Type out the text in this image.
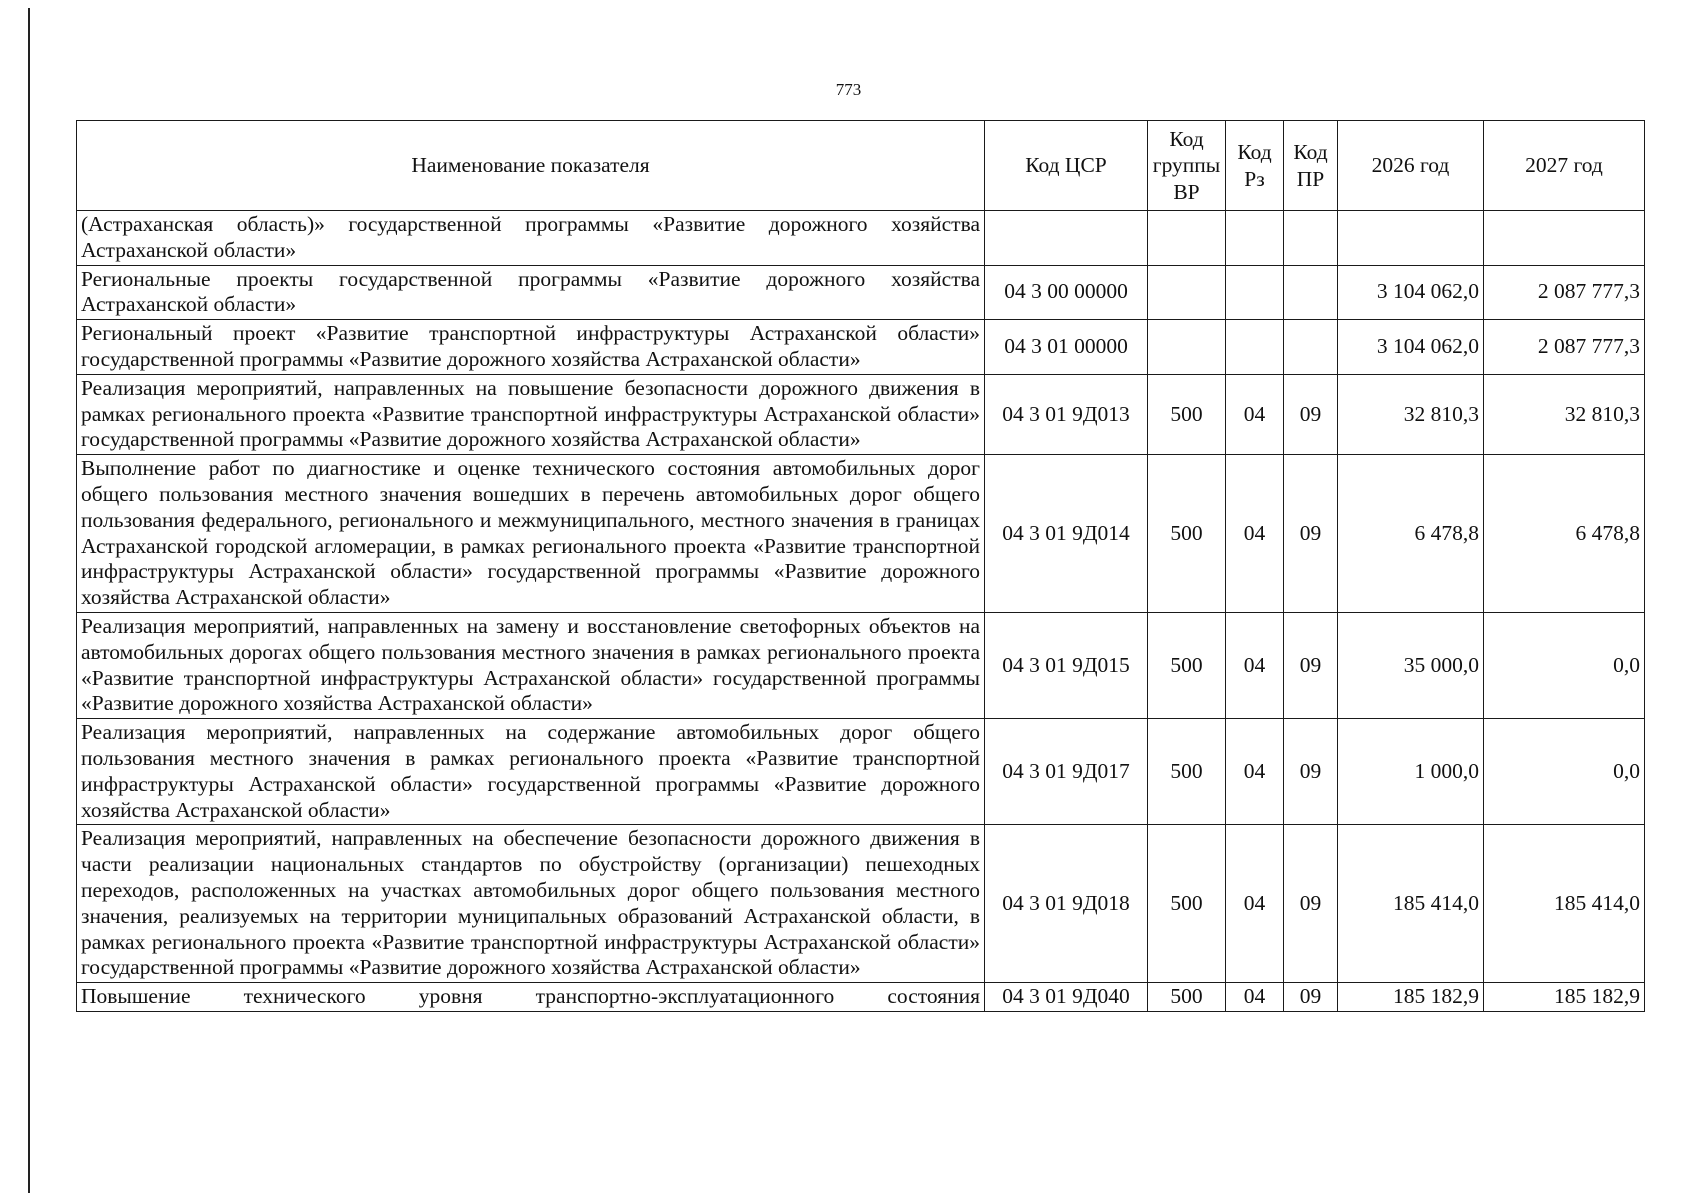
773
Наименование показателя	Код ЦСР	Код группы ВР	Код Рз	Код ПР	2026 год	2027 год
(Астраханская область)» государственной программы «Развитие дорожного хозяйства Астраханской области»						
Региональные проекты государственной программы «Развитие дорожного хозяйства Астраханской области»	04 3 00 00000				3 104 062,0	2 087 777,3
Региональный проект «Развитие транспортной инфраструктуры Астраханской области» государственной программы «Развитие дорожного хозяйства Астраханской области»	04 3 01 00000				3 104 062,0	2 087 777,3
Реализация мероприятий, направленных на повышение безопасности дорожного движения в рамках регионального проекта «Развитие транспортной инфраструктуры Астраханской области» государственной программы «Развитие дорожного хозяйства Астраханской области»	04 3 01 9Д013	500	04	09	32 810,3	32 810,3
Выполнение работ по диагностике и оценке технического состояния автомобильных дорог общего пользования местного значения вошедших в перечень автомобильных дорог общего пользования федерального, регионального и межмуниципального, местного значения в границах Астраханской городской агломерации, в рамках регионального проекта «Развитие транспортной инфраструктуры Астраханской области» государственной программы «Развитие дорожного хозяйства Астраханской области»	04 3 01 9Д014	500	04	09	6 478,8	6 478,8
Реализация мероприятий, направленных на замену и восстановление светофорных объектов на автомобильных дорогах общего пользования местного значения в рамках регионального проекта «Развитие транспортной инфраструктуры Астраханской области» государственной программы «Развитие дорожного хозяйства Астраханской области»	04 3 01 9Д015	500	04	09	35 000,0	0,0
Реализация мероприятий, направленных на содержание автомобильных дорог общего пользования местного значения в рамках регионального проекта «Развитие транспортной инфраструктуры Астраханской области» государственной программы «Развитие дорожного хозяйства Астраханской области»	04 3 01 9Д017	500	04	09	1 000,0	0,0
Реализация мероприятий, направленных на обеспечение безопасности дорожного движения в части реализации национальных стандартов по обустройству (организации) пешеходных переходов, расположенных на участках автомобильных дорог общего пользования местного значения, реализуемых на территории муниципальных образований Астраханской области, в рамках регионального проекта «Развитие транспортной инфраструктуры Астраханской области» государственной программы «Развитие дорожного хозяйства Астраханской области»	04 3 01 9Д018	500	04	09	185 414,0	185 414,0
Повышение технического уровня транспортно-эксплуатационного состояния	04 3 01 9Д040	500	04	09	185 182,9	185 182,9
